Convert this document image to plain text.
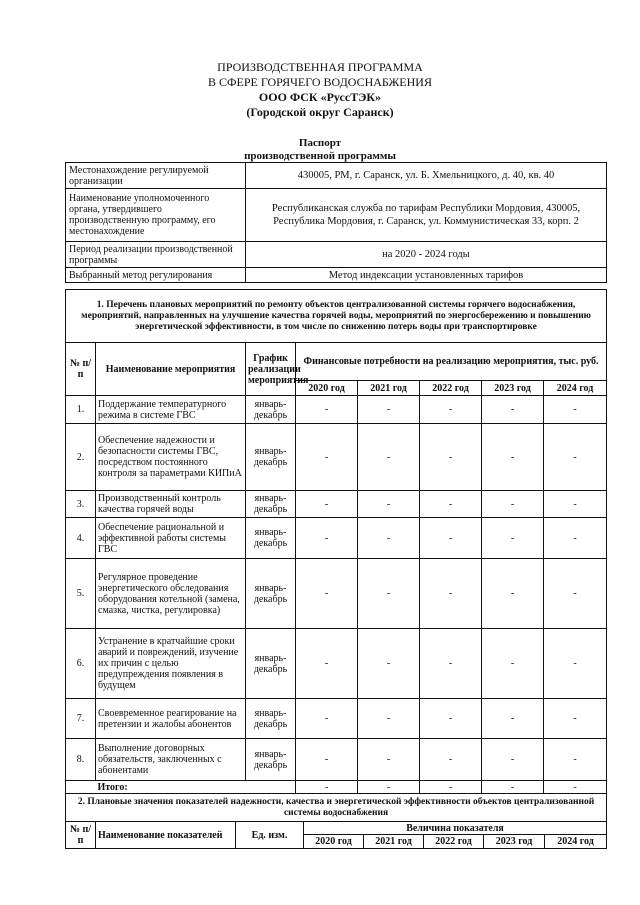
ПРОИЗВОДСТВЕННАЯ ПРОГРАММА
В СФЕРЕ ГОРЯЧЕГО ВОДОСНАБЖЕНИЯ
ООО ФСК «РуссТЭК»
(Городской округ Саранск)
Паспорт
производственной программы
Местонахождение регулируемой организации	430005, РМ, г. Саранск, ул. Б. Хмельницкого, д. 40, кв. 40
Наименование уполномоченного органа, утвердившего производственную программу, его местонахождение	Республиканская служба по тарифам Республики Мордовия, 430005, Республика Мордовия, г. Саранск, ул. Коммунистическая 33, корп. 2
Период реализации производственной программы	на 2020 - 2024 годы
Выбранный метод регулирования	Метод индексации установленных тарифов
1. Перечень плановых мероприятий по ремонту объектов централизованной системы горячего водоснабжения, мероприятий, направленных на улучшение качества горячей воды, мероприятий по энергосбережению и повышению энергетической эффективности, в том числе по снижению потерь воды при транспортировке							
№ п/п	Наименование мероприятия	График реализации мероприятия	Финансовые потребности на реализацию мероприятия, тыс. руб.				
			2020 год	2021 год	2022 год	2023 год	2024 год
1.	Поддержание температурного режима в системе ГВС	январь-декабрь	-	-	-	-	-
2.	Обеспечение надежности и безопасности системы ГВС, посредством постоянного контроля за параметрами КИПиА	январь-декабрь	-	-	-	-	-
3.	Производственный контроль качества горячей воды	январь-декабрь	-	-	-	-	-
4.	Обеспечение рациональной и эффективной работы системы ГВС	январь-декабрь	-	-	-	-	-
5.	Регулярное проведение энергетического обследования оборудования котельной (замена, смазка, чистка, регулировка)	январь-декабрь	-	-	-	-	-
6.	Устранение в кратчайшие сроки аварий и повреждений, изучение их причин с целью предупреждения появления в будущем	январь-декабрь	-	-	-	-	-
7.	Своевременное реагирование на претензии и жалобы абонентов	январь-декабрь	-	-	-	-	-
8.	Выполнение договорных обязательств, заключенных с абонентами	январь-декабрь	-	-	-	-	-
	Итого:		-	-	-	-	-
2. Плановые значения показателей надежности, качества и энергетической эффективности объектов централизованной системы водоснабжения							
№ п/п	Наименование показателей	Ед. изм.	Величина показателя				
			2020 год	2021 год	2022 год	2023 год	2024 год
